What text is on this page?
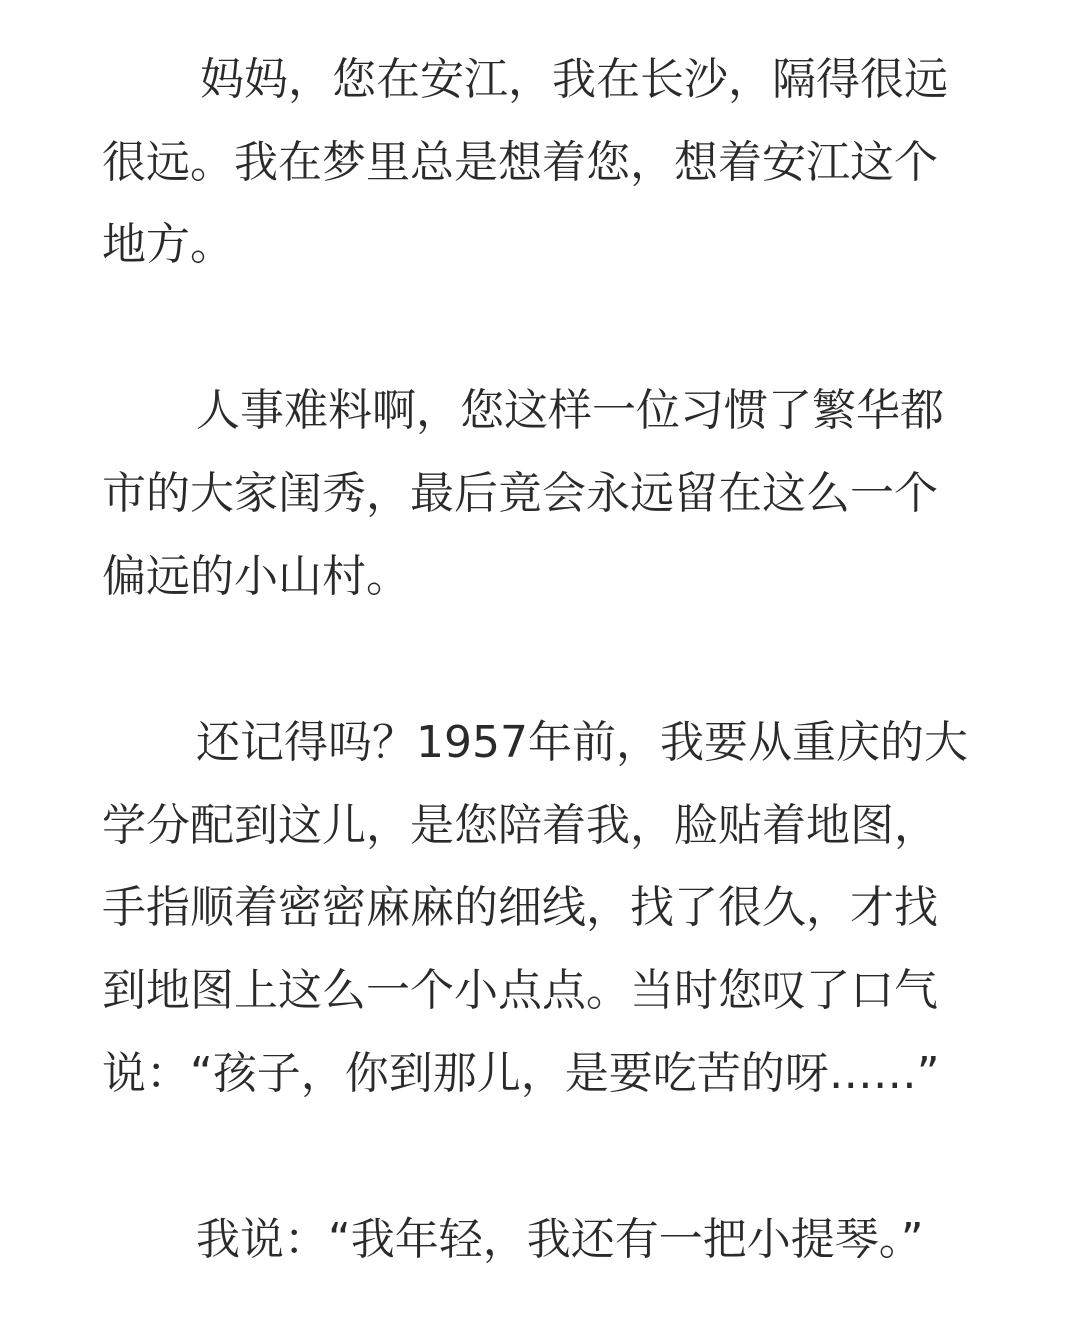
妈妈，您在安江，我在长沙，隔得很远

很远。我在梦里总是想着您，想着安江这个

地方。

人事难料啊，您这样一位习惯了繁华都

市的大家闺秀，最后竟会永远留在这么一个

偏远的小山村。

还记得吗？1957年前，我要从重庆的大

学分配到这儿，是您陪着我，脸贴着地图，

手指顺着密密麻麻的细线，找了很久，才找

到地图上这么一个小点点。当时您叹了口气

说：“孩子，你到那儿，是要吃苦的呀……”

我说：“我年轻，我还有一把小提琴。”
